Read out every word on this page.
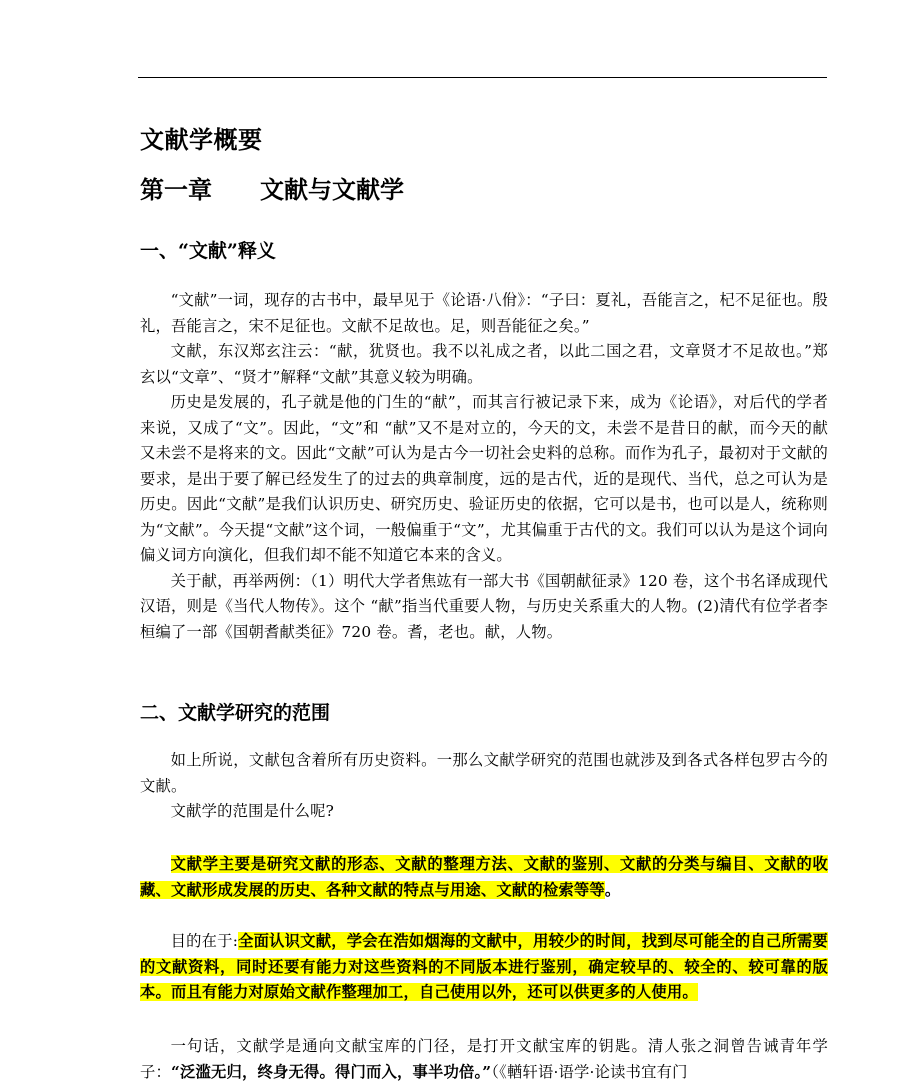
文献学概要
第一章 文献与文献学
一、“文献”释义

“文献”一词，现存的古书中，最早见于《论语·八佾》：“子曰：夏礼，吾能言之，杞不足征也。殷礼，吾能言之，宋不足征也。文献不足故也。足，则吾能征之矣。”

文献，东汉郑玄注云：“献，犹贤也。我不以礼成之者，以此二国之君，文章贤才不足故也。”郑玄以“文章”、“贤才”解释“文献”其意义较为明确。

历史是发展的，孔子就是他的门生的“献”，而其言行被记录下来，成为《论语》，对后代的学者来说，又成了“文”。因此，“文”和 “献”又不是对立的，今天的文，未尝不是昔日的献，而今天的献又未尝不是将来的文。因此“文献”可认为是古今一切社会史料的总称。而作为孔子，最初对于文献的要求，是出于要了解已经发生了的过去的典章制度，远的是古代，近的是现代、当代，总之可认为是历史。因此“文献”是我们认识历史、研究历史、验证历史的依据，它可以是书，也可以是人，统称则为“文献”。今天提“文献”这个词，一般偏重于“文”，尤其偏重于古代的文。我们可以认为是这个词向偏义词方向演化，但我们却不能不知道它本来的含义。

关于献，再举两例：（1）明代大学者焦竑有一部大书《国朝献征录》120 卷，这个书名译成现代汉语，则是《当代人物传》。这个 “献”指当代重要人物，与历史关系重大的人物。(2)清代有位学者李桓编了一部《国朝耆献类征》720 卷。耆，老也。献，人物。

二、文献学研究的范围

如上所说，文献包含着所有历史资料。一那么文献学研究的范围也就涉及到各式各样包罗古今的文献。

文献学的范围是什么呢?

文献学主要是研究文献的形态、文献的整理方法、文献的鉴别、文献的分类与编目、文献的收藏、文献形成发展的历史、各种文献的特点与用途、文献的检索等等。

目的在于:全面认识文献，学会在浩如烟海的文献中，用较少的时间，找到尽可能全的自己所需要的文献资料，同时还要有能力对这些资料的不同版本进行鉴别，确定较早的、较全的、较可靠的版本。而且有能力对原始文献作整理加工，自己使用以外，还可以供更多的人使用。

一句话，文献学是通向文献宝库的门径，是打开文献宝库的钥匙。清人张之洞曾告诫青年学子：“泛滥无归，终身无得。得门而入，事半功倍。”（《輶轩语·语学·论读书宜有门
